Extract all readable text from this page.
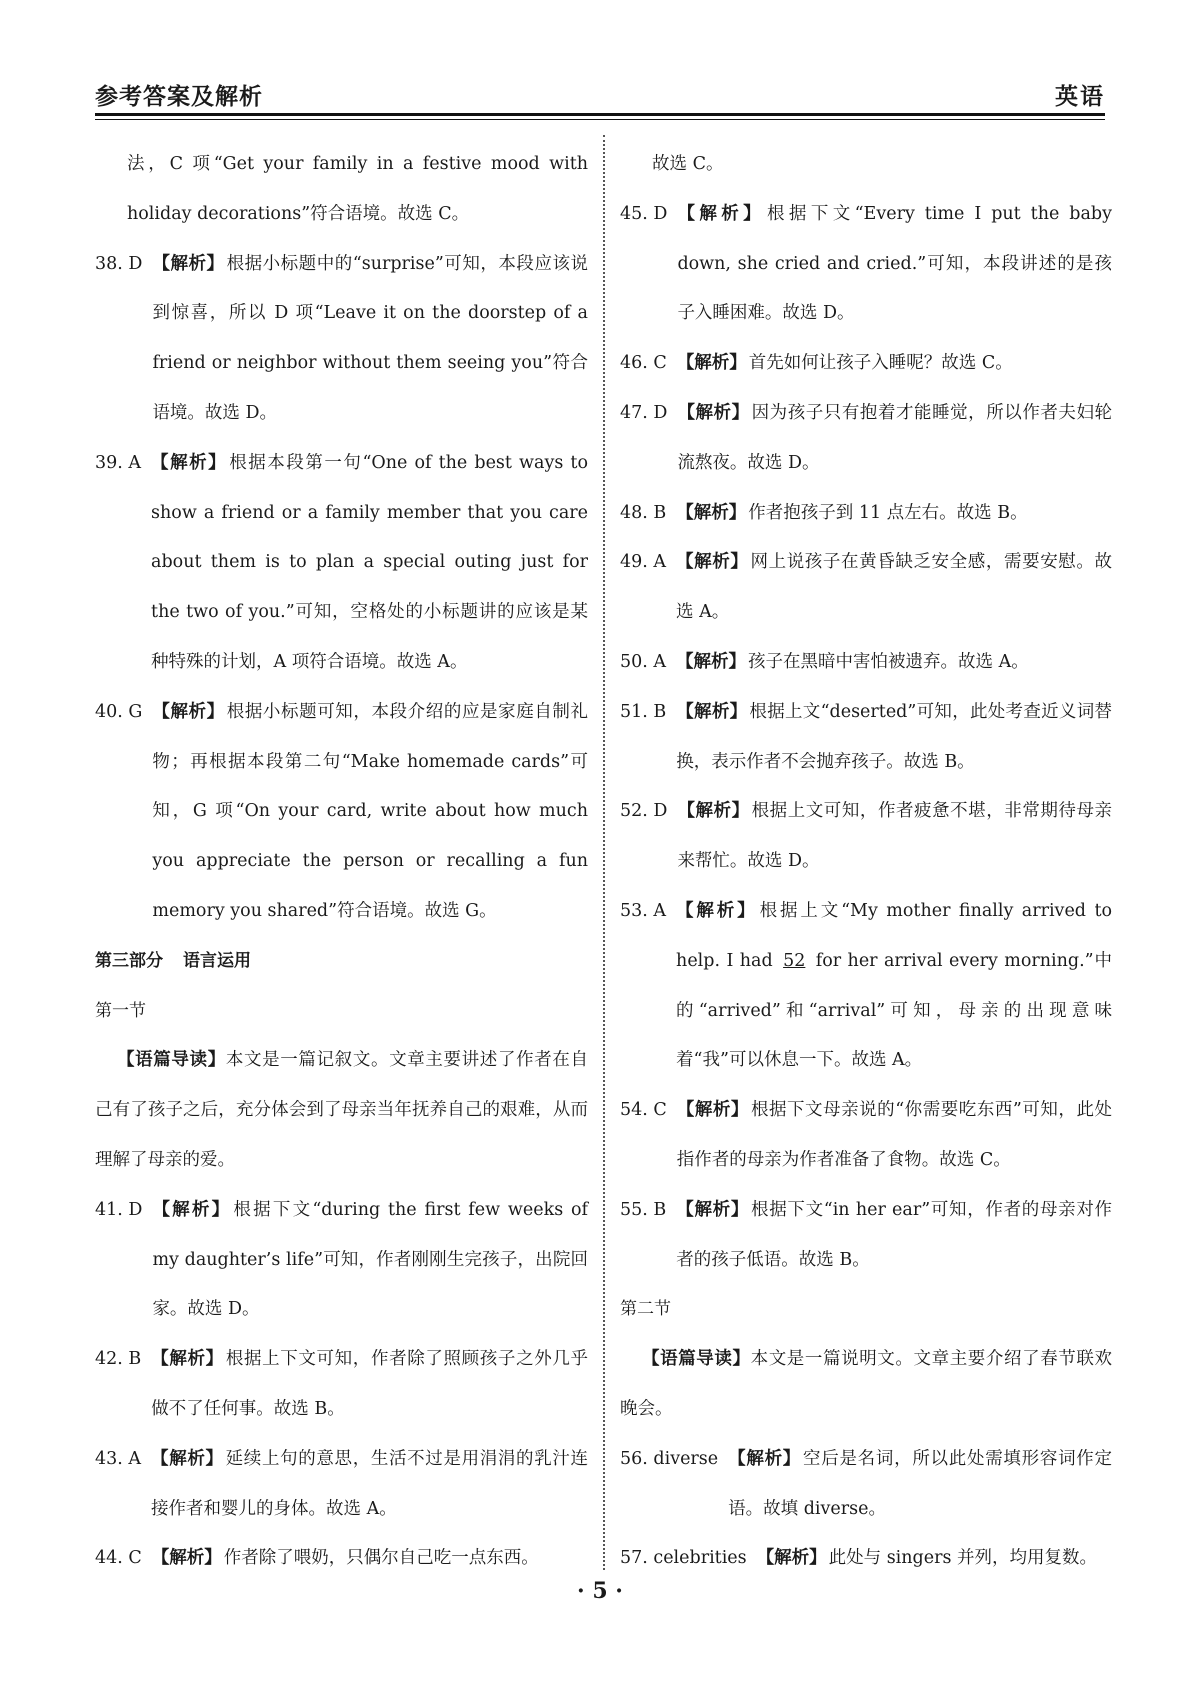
参考答案及解析	英语
法，C 项“Get your family in a festive mood with holiday decorations”符合语境。故选 C。
38. D 【解析】 根据小标题中的“surprise”可知，本段应该说到惊喜，所以 D 项“Leave it on the doorstep of a friend or neighbor without them seeing you”符合语境。故选 D。
39. A 【解析】 根据本段第一句“One of the best ways to show a friend or a family member that you care about them is to plan a special outing just for the two of you.”可知，空格处的小标题讲的应该是某种特殊的计划，A 项符合语境。故选 A。
40. G 【解析】 根据小标题可知，本段介绍的应是家庭自制礼物；再根据本段第二句“Make homemade cards”可知，G 项“On your card, write about how much you appreciate the person or recalling a fun memory you shared”符合语境。故选 G。
第三部分 语言运用
第一节
【语篇导读】本文是一篇记叙文。文章主要讲述了作者在自己有了孩子之后，充分体会到了母亲当年抚养自己的艰难，从而理解了母亲的爱。
41. D 【解析】 根据下文“during the first few weeks of my daughter’s life”可知，作者刚刚生完孩子，出院回家。故选 D。
42. B 【解析】 根据上下文可知，作者除了照顾孩子之外几乎做不了任何事。故选 B。
43. A 【解析】 延续上句的意思，生活不过是用涓涓的乳汁连接作者和婴儿的身体。故选 A。
44. C 【解析】 作者除了喂奶，只偶尔自己吃一点东西。
故选 C。
45. D 【解析】 根据下文“Every time I put the baby down, she cried and cried.”可知，本段讲述的是孩子入睡困难。故选 D。
46. C 【解析】 首先如何让孩子入睡呢？故选 C。
47. D 【解析】 因为孩子只有抱着才能睡觉，所以作者夫妇轮流熬夜。故选 D。
48. B 【解析】 作者抱孩子到 11 点左右。故选 B。
49. A 【解析】 网上说孩子在黄昏缺乏安全感，需要安慰。故选 A。
50. A 【解析】 孩子在黑暗中害怕被遗弃。故选 A。
51. B 【解析】 根据上文“deserted”可知，此处考查近义词替换，表示作者不会抛弃孩子。故选 B。
52. D 【解析】 根据上文可知，作者疲惫不堪，非常期待母亲来帮忙。故选 D。
53. A 【解析】 根据上文“My mother finally arrived to help. I had 52 for her arrival every morning.”中的“arrived”和“arrival”可知，母亲的出现意味着“我”可以休息一下。故选 A。
54. C 【解析】 根据下文母亲说的“你需要吃东西”可知，此处指作者的母亲为作者准备了食物。故选 C。
55. B 【解析】 根据下文“in her ear”可知，作者的母亲对作者的孩子低语。故选 B。
第二节
【语篇导读】本文是一篇说明文。文章主要介绍了春节联欢晚会。
56. diverse 【解析】 空后是名词，所以此处需填形容词作定语。故填 diverse。
57. celebrities 【解析】 此处与 singers 并列，均用复数。
· 5 ·
